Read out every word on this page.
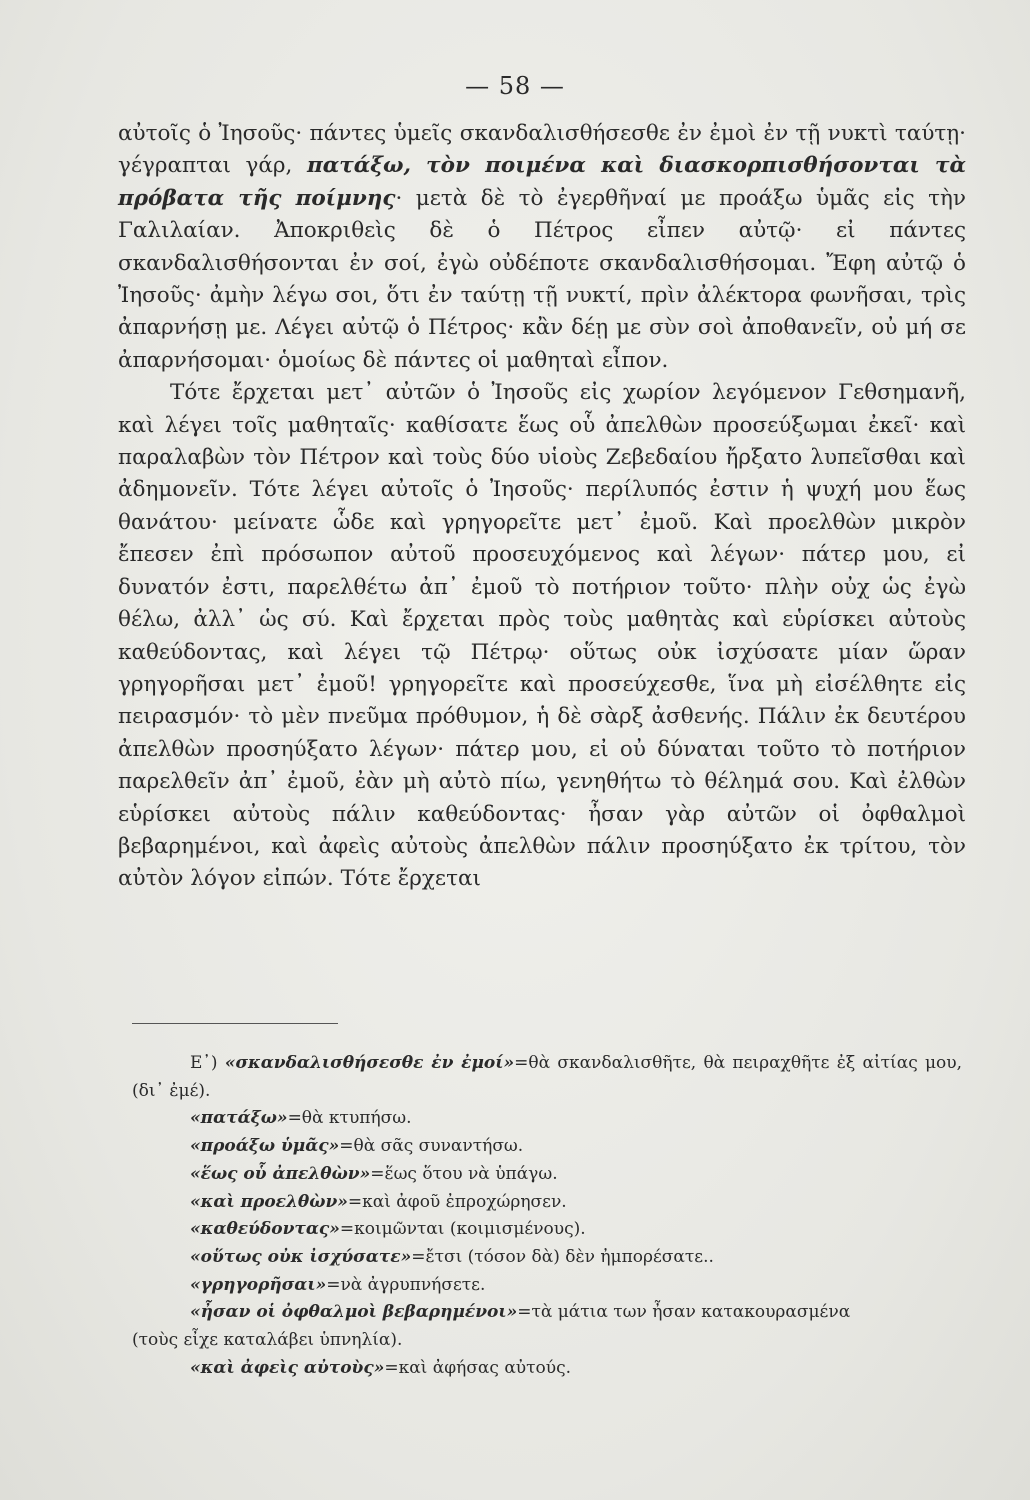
— 58 —

αὐτοῖς ὁ Ἰησοῦς· πάντες ὑμεῖς σκανδαλισθήσεσθε ἐν ἐμοὶ ἐν τῇ νυκτὶ ταύτῃ· γέγραπται γάρ, πατάξω, τὸν ποιμένα καὶ διασκορπισθήσονται τὰ πρόβατα τῆς ποίμνης· μετὰ δὲ τὸ ἐγερθῆναί με προάξω ὑμᾶς εἰς τὴν Γαλιλαίαν. Ἀποκριθεὶς δὲ ὁ Πέτρος εἶπεν αὐτῷ· εἰ πάντες σκανδαλισθήσονται ἐν σοί, ἐγὼ οὐδέποτε σκανδαλισθήσομαι. Ἔφη αὐτῷ ὁ Ἰησοῦς· ἀμὴν λέγω σοι, ὅτι ἐν ταύτῃ τῇ νυκτί, πρὶν ἀλέκτορα φωνῆσαι, τρὶς ἀπαρνήσῃ με. Λέγει αὐτῷ ὁ Πέτρος· κἂν δέῃ με σὺν σοὶ ἀποθανεῖν, οὐ μή σε ἀπαρνήσομαι· ὁμοίως δὲ πάντες οἱ μαθηταὶ εἶπον.

Τότε ἔρχεται μετ᾽ αὐτῶν ὁ Ἰησοῦς εἰς χωρίον λεγόμενον Γεθσημανῆ, καὶ λέγει τοῖς μαθηταῖς· καθίσατε ἕως οὗ ἀπελθὼν προσεύξωμαι ἐκεῖ· καὶ παραλαβὼν τὸν Πέτρον καὶ τοὺς δύο υἱοὺς Ζεβεδαίου ἤρξατο λυπεῖσθαι καὶ ἀδημονεῖν. Τότε λέγει αὐτοῖς ὁ Ἰησοῦς· περίλυπός ἐστιν ἡ ψυχή μου ἕως θανάτου· μείνατε ὧδε καὶ γρηγορεῖτε μετ᾽ ἐμοῦ. Καὶ προελθὼν μικρὸν ἔπεσεν ἐπὶ πρόσωπον αὐτοῦ προσευχόμενος καὶ λέγων· πάτερ μου, εἰ δυνατόν ἐστι, παρελθέτω ἀπ᾽ ἐμοῦ τὸ ποτήριον τοῦτο· πλὴν οὐχ ὡς ἐγὼ θέλω, ἀλλ᾽ ὡς σύ. Καὶ ἔρχεται πρὸς τοὺς μαθητὰς καὶ εὑρίσκει αὐτοὺς καθεύδοντας, καὶ λέγει τῷ Πέτρῳ· οὕτως οὐκ ἰσχύσατε μίαν ὥραν γρηγορῆσαι μετ᾽ ἐμοῦ! γρηγορεῖτε καὶ προσεύχεσθε, ἵνα μὴ εἰσέλθητε εἰς πειρασμόν· τὸ μὲν πνεῦμα πρόθυμον, ἡ δὲ σὰρξ ἀσθενής. Πάλιν ἐκ δευτέρου ἀπελθὼν προσηύξατο λέγων· πάτερ μου, εἰ οὐ δύναται τοῦτο τὸ ποτήριον παρελθεῖν ἀπ᾽ ἐμοῦ, ἐὰν μὴ αὐτὸ πίω, γενηθήτω τὸ θέλημά σου. Καὶ ἐλθὼν εὑρίσκει αὐτοὺς πάλιν καθεύδοντας· ἦσαν γὰρ αὐτῶν οἱ ὀφθαλμοὶ βεβαρημένοι, καὶ ἀφεὶς αὐτοὺς ἀπελθὼν πάλιν προσηύξατο ἐκ τρίτου, τὸν αὐτὸν λόγον εἰπών. Τότε ἔρχεται

Ε᾽) «σκανδαλισθήσεσθε ἐν ἐμοί»=θὰ σκανδαλισθῆτε, θὰ πειραχθῆτε ἐξ αἰτίας μου, (δι᾽ ἐμέ).

«πατάξω»=θὰ κτυπήσω.

«προάξω ὑμᾶς»=θὰ σᾶς συναντήσω.

«ἕως οὗ ἀπελθὼν»=ἕως ὅτου νὰ ὑπάγω.

«καὶ προελθὼν»=καὶ ἀφοῦ ἐπροχώρησεν.

«καθεύδοντας»=κοιμῶνται (κοιμισμένους).

«οὕτως οὐκ ἰσχύσατε»=ἔτσι (τόσον δὰ) δὲν ἠμπορέσατε..

«γρηγορῆσαι»=νὰ ἀγρυπνήσετε.

«ἦσαν οἱ ὀφθαλμοὶ βεβαρημένοι»=τὰ μάτια των ἦσαν κατακουρασμένα

(τοὺς εἶχε καταλάβει ὑπνηλία).

«καὶ ἀφεὶς αὐτοὺς»=καὶ ἀφήσας αὐτούς.
